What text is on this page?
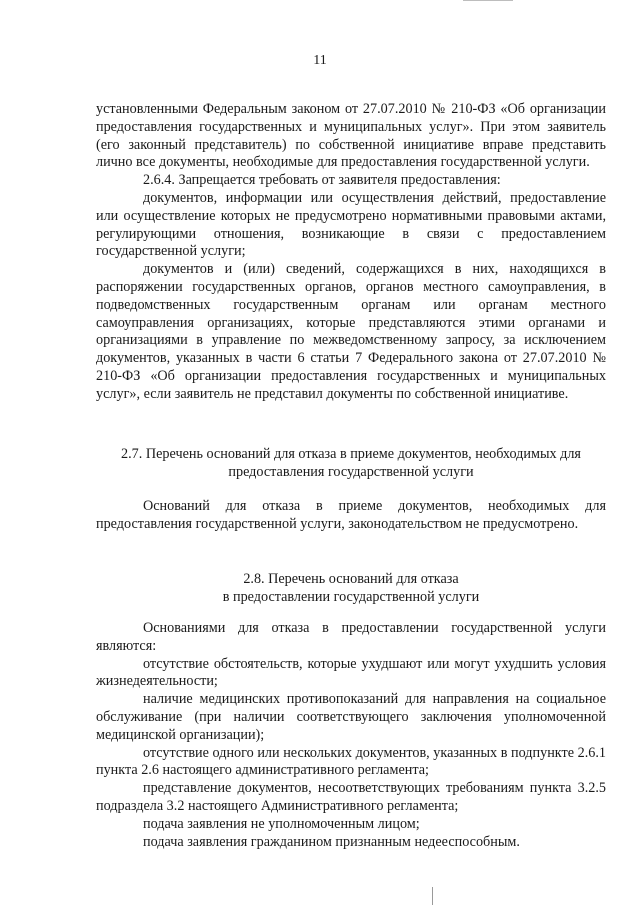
11

установленными Федеральным законом от 27.07.2010 № 210-ФЗ «Об организации предоставления государственных и муниципальных услуг». При этом заявитель (его законный представитель) по собственной инициативе вправе представить лично все документы, необходимые для предоставления государственной услуги.

2.6.4. Запрещается требовать от заявителя предоставления:

документов, информации или осуществления действий, предоставление или осуществление которых не предусмотрено нормативными правовыми актами, регулирующими отношения, возникающие в связи с предоставлением государственной услуги;

документов и (или) сведений, содержащихся в них, находящихся в распоряжении государственных органов, органов местного самоуправления, в подведомственных государственным органам или органам местного самоуправления организациях, которые представляются этими органами и организациями в управление по межведомственному запросу, за исключением документов, указанных в части 6 статьи 7 Федерального закона от 27.07.2010 № 210-ФЗ «Об организации предоставления государственных и муниципальных услуг», если заявитель не представил документы по собственной инициативе.

2.7. Перечень оснований для отказа в приеме документов, необходимых для предоставления государственной услуги

Оснований для отказа в приеме документов, необходимых для предоставления государственной услуги, законодательством не предусмотрено.

2.8. Перечень оснований для отказа

в предоставлении государственной услуги

Основаниями для отказа в предоставлении государственной услуги являются:

отсутствие обстоятельств, которые ухудшают или могут ухудшить условия жизнедеятельности;

наличие медицинских противопоказаний для направления на социальное обслуживание (при наличии соответствующего заключения уполномоченной медицинской организации);

отсутствие одного или нескольких документов, указанных в подпункте 2.6.1 пункта 2.6 настоящего административного регламента;

представление документов, несоответствующих требованиям пункта 3.2.5 подраздела 3.2 настоящего Административного регламента;

подача заявления не уполномоченным лицом;

подача заявления гражданином признанным недееспособным.
